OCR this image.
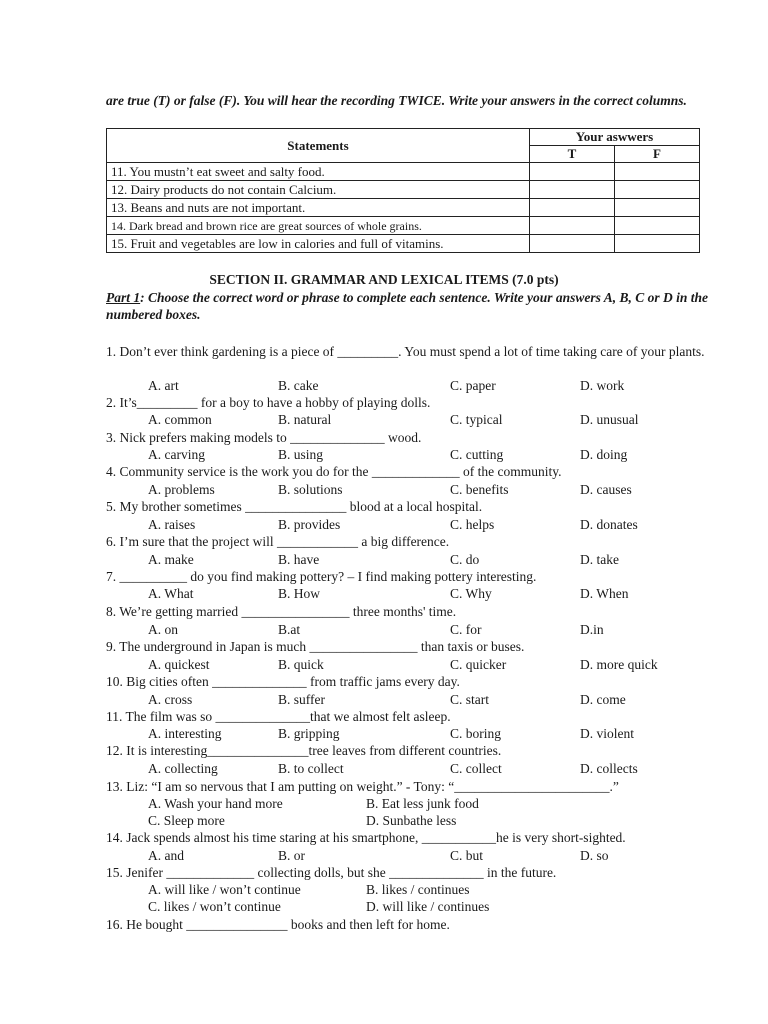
are true (T) or false (F). You will hear the recording TWICE. Write your answers in the correct columns.
Statements	Your aswwers	
	T	F
11. You mustn’t eat sweet and salty food.		
12. Dairy products do not contain Calcium.		
13. Beans and nuts are not important.		
14. Dark bread and brown rice are great sources of whole grains.		
15. Fruit and vegetables are low in calories and full of vitamins.		
SECTION II. GRAMMAR AND LEXICAL ITEMS (7.0 pts)
Part 1: Choose the correct word or phrase to complete each sentence. Write your answers A, B, C or D in the numbered boxes.
1. Don’t ever think gardening is a piece of _________. You must spend a lot of time taking care of your plants.
A. art	B. cake	C. paper	D. work
2. It’s_________ for a boy to have a hobby of playing dolls.
A. common	B. natural	C. typical	D. unusual
3. Nick prefers making models to ______________ wood.
A. carving	B. using	C. cutting	D. doing
4. Community service is the work you do for the _____________ of the community.
A. problems	B. solutions	C. benefits	D. causes
5. My brother sometimes _______________ blood at a local hospital.
A. raises	B. provides	C. helps	D. donates
6. I’m sure that the project will ____________ a big difference.
A. make	B. have	C. do	D. take
7. __________ do you find making pottery? – I find making pottery interesting.
A. What	B. How	C. Why	D. When
8. We’re getting married ________________ three months' time.
A. on	B.at	C. for	D.in
9. The underground in Japan is much ________________ than taxis or buses.
A. quickest	B. quick	C. quicker	D. more quick
10. Big cities often ______________ from traffic jams every day.
A. cross	B. suffer	C. start	D. come
11. The film was so ______________that we almost felt asleep.
A. interesting	B. gripping	C. boring	D. violent
12. It is interesting_______________tree leaves from different countries.
A. collecting	B. to collect	C. collect	D. collects
13. Liz: “I am so nervous that I am putting on weight.” - Tony: “_______________________.”
A. Wash your hand more	B. Eat less junk food
C. Sleep more	D. Sunbathe less
14. Jack spends almost his time staring at his smartphone, ___________he is very short-sighted.
A. and	B. or	C. but	D. so
15. Jenifer _____________ collecting dolls, but she ______________ in the future.
A. will like / won’t continue	B. likes / continues
C. likes / won’t continue	D. will like / continues
16. He bought _______________ books and then left for home.
